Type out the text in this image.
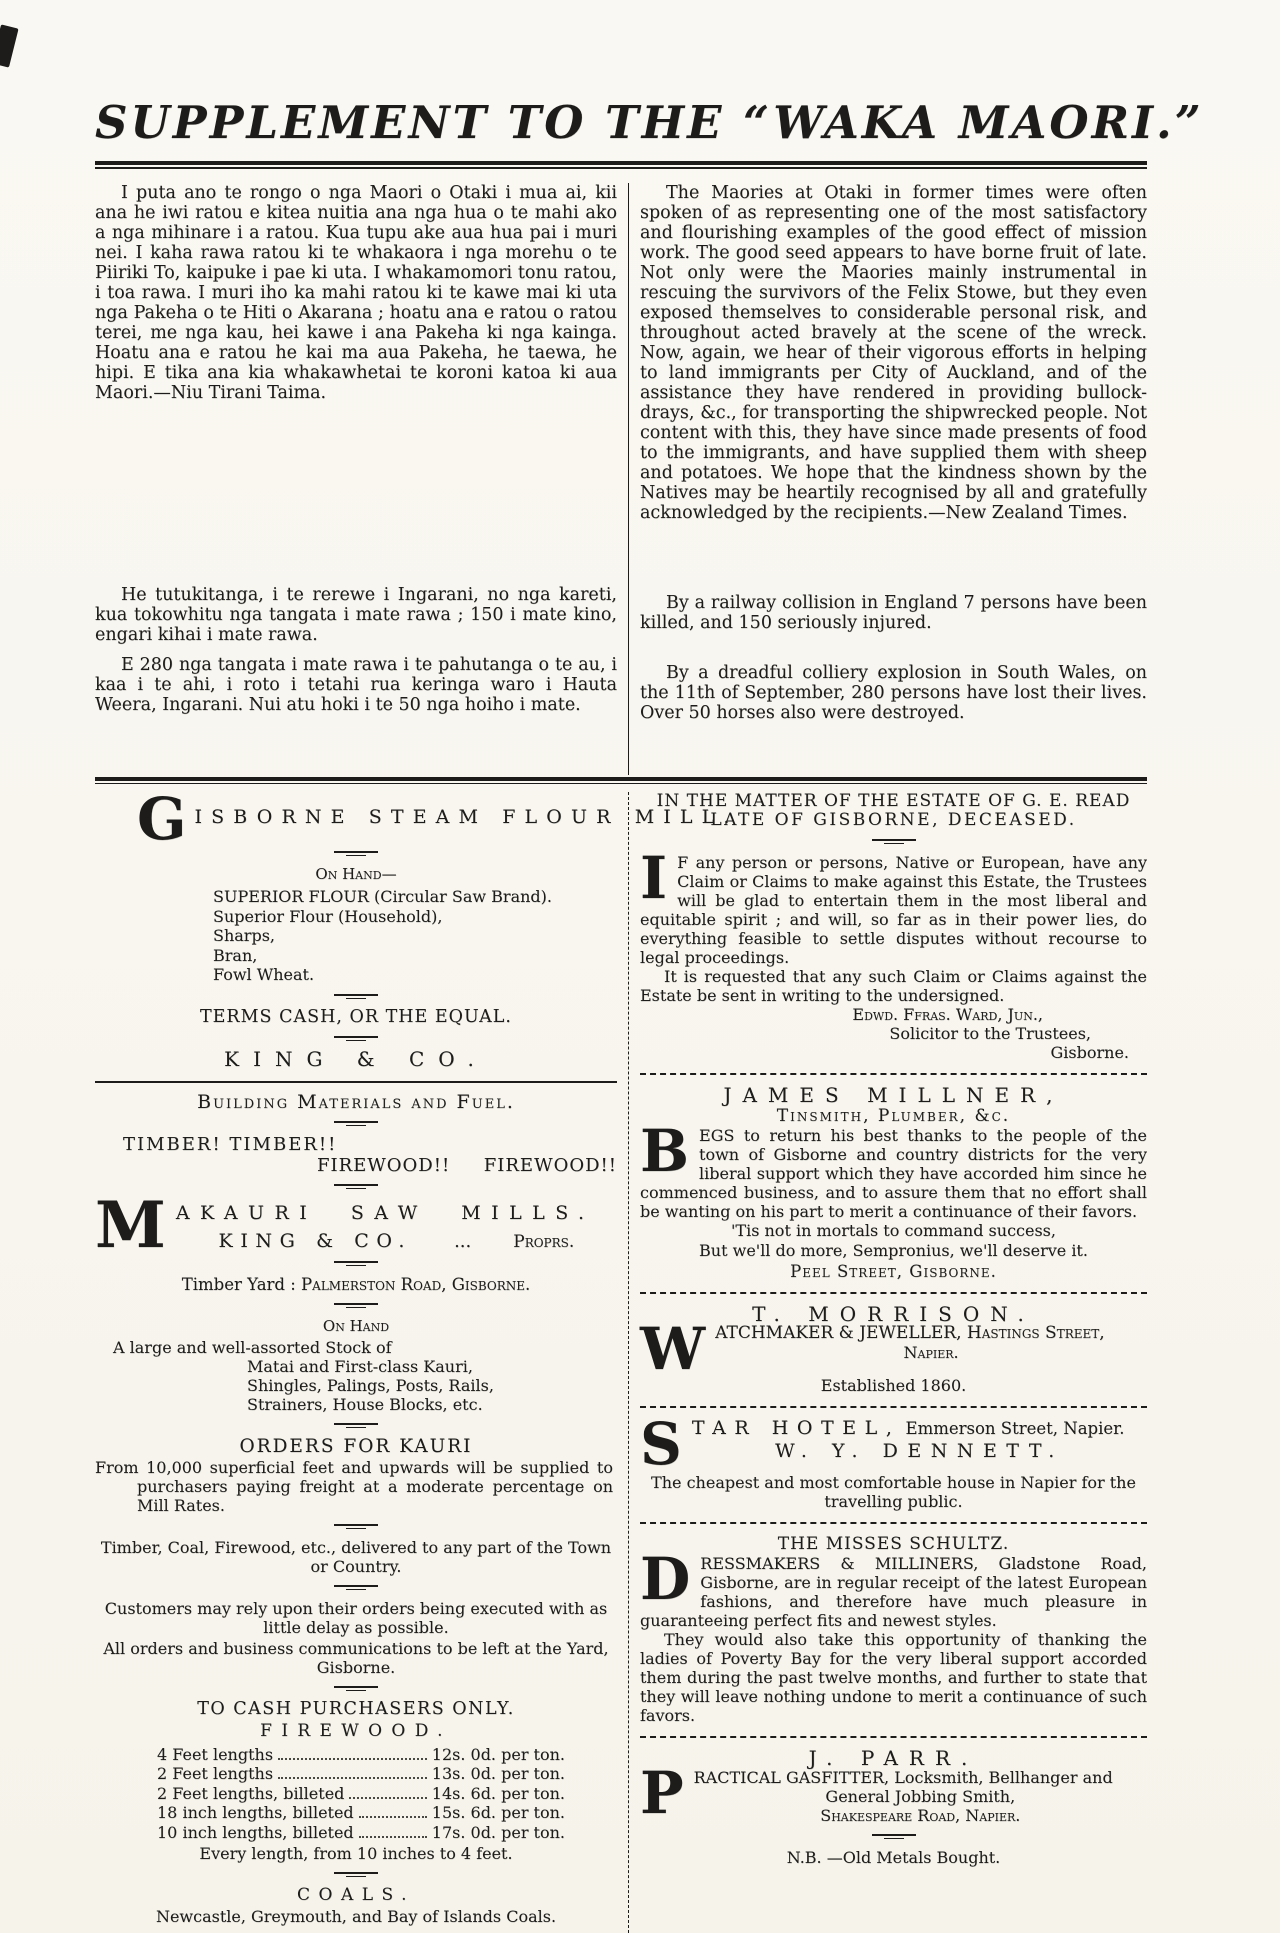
SUPPLEMENT TO THE “WAKA MAORI.”

I puta ano te rongo o nga Maori o Otaki i mua ai, kii ana he iwi ratou e kitea nuitia ana nga hua o te mahi ako a nga mihinare i a ratou. Kua tupu ake aua hua pai i muri nei. I kaha rawa ratou ki te whakaora i nga morehu o te Piiriki To, kaipuke i pae ki uta. I whakamomori tonu ratou, i toa rawa. I muri iho ka mahi ratou ki te kawe mai ki uta nga Pakeha o te Hiti o Akarana ; hoatu ana e ratou o ratou terei, me nga kau, hei kawe i ana Pakeha ki nga kainga. Hoatu ana e ratou he kai ma aua Pakeha, he taewa, he hipi. E tika ana kia whakawhetai te koroni katoa ki aua Maori.—Niu Tirani Taima.

He tutukitanga, i te rerewe i Ingarani, no nga kareti, kua tokowhitu nga tangata i mate rawa ; 150 i mate kino, engari kihai i mate rawa.

E 280 nga tangata i mate rawa i te pahutanga o te au, i kaa i te ahi, i roto i tetahi rua keringa waro i Hauta Weera, Ingarani. Nui atu hoki i te 50 nga hoiho i mate.

The Maories at Otaki in former times were often spoken of as representing one of the most satisfactory and flourishing examples of the good effect of mission work. The good seed appears to have borne fruit of late. Not only were the Maories mainly instrumental in rescuing the survivors of the Felix Stowe, but they even exposed themselves to considerable personal risk, and throughout acted bravely at the scene of the wreck. Now, again, we hear of their vigorous efforts in helping to land immigrants per City of Auckland, and of the assistance they have rendered in providing bullock-drays, &c., for transporting the shipwrecked people. Not content with this, they have since made presents of food to the immigrants, and have supplied them with sheep and potatoes. We hope that the kindness shown by the Natives may be heartily recognised by all and gratefully acknowledged by the recipients.—New Zealand Times.

By a railway collision in England 7 persons have been killed, and 150 seriously injured.

By a dreadful colliery explosion in South Wales, on the 11th of September, 280 persons have lost their lives. Over 50 horses also were destroyed.

G ISBORNE STEAM FLOUR MILL.
On Hand—
SUPERIOR FLOUR (Circular Saw Brand).
Superior Flour (Household),
Sharps,
Bran,
Fowl Wheat.
TERMS CASH, OR THE EQUAL.
KING & CO.
Building Materials and Fuel.
TIMBER! TIMBER!!
FIREWOOD!! FIREWOOD!!
M AKAURI SAW MILLS.
KING & CO. ... Proprs.
Timber Yard : Palmerston Road, Gisborne.
On Hand
A large and well-assorted Stock of
Matai and First-class Kauri,
Shingles, Palings, Posts, Rails,
Strainers, House Blocks, etc.
ORDERS FOR KAURI

From 10,000 superficial feet and upwards will be supplied to purchasers paying freight at a moderate percentage on Mill Rates.

Timber, Coal, Firewood, etc., delivered to any part of the Town or Country.

Customers may rely upon their orders being executed with as little delay as possible.

All orders and business communications to be left at the Yard, Gisborne.

TO CASH PURCHASERS ONLY.
FIREWOOD.
4 Feet lengths	12s. 0d. per ton.
2 Feet lengths	13s. 0d. per ton.
2 Feet lengths, billeted	14s. 6d. per ton.
18 inch lengths, billeted	15s. 6d. per ton.
10 inch lengths, billeted	17s. 0d. per ton.

Every length, from 10 inches to 4 feet.

COALS.

Newcastle, Greymouth, and Bay of Islands Coals.

IN THE MATTER OF THE ESTATE OF G. E. READ
LATE OF GISBORNE, DECEASED.

I F any person or persons, Native or European, have any Claim or Claims to make against this Estate, the Trustees will be glad to entertain them in the most liberal and equitable spirit ; and will, so far as in their power lies, do everything feasible to settle disputes without recourse to legal proceedings.

It is requested that any such Claim or Claims against the Estate be sent in writing to the undersigned.

Edwd. Ffras. Ward, Jun.,
Solicitor to the Trustees,
Gisborne.
JAMES MILLNER,
Tinsmith, Plumber, &c.

BEGS to return his best thanks to the people of the town of Gisborne and country districts for the very liberal support which they have accorded him since he commenced business, and to assure them that no effort shall be wanting on his part to merit a continuance of their favors.

'Tis not in mortals to command success,
But we'll do more, Sempronius, we'll deserve it.
Peel Street, Gisborne.
T. MORRISON.

WATCHMAKER & JEWELLER, Hastings Street,

Napier.
Established 1860.

STAR HOTEL, Emmerson Street, Napier.

W. Y. DENNETT.

The cheapest and most comfortable house in Napier for the travelling public.

THE MISSES SCHULTZ.

DRESSMAKERS & MILLINERS, Gladstone Road, Gisborne, are in regular receipt of the latest European fashions, and therefore have much pleasure in guaranteeing perfect fits and newest styles.

They would also take this opportunity of thanking the ladies of Poverty Bay for the very liberal support accorded them during the past twelve months, and further to state that they will leave nothing undone to merit a continuance of such favors.

J. PARR.

PRACTICAL GASFITTER, Locksmith, Bellhanger and

General Jobbing Smith,
Shakespeare Road, Napier.
N.B. —Old Metals Bought.
